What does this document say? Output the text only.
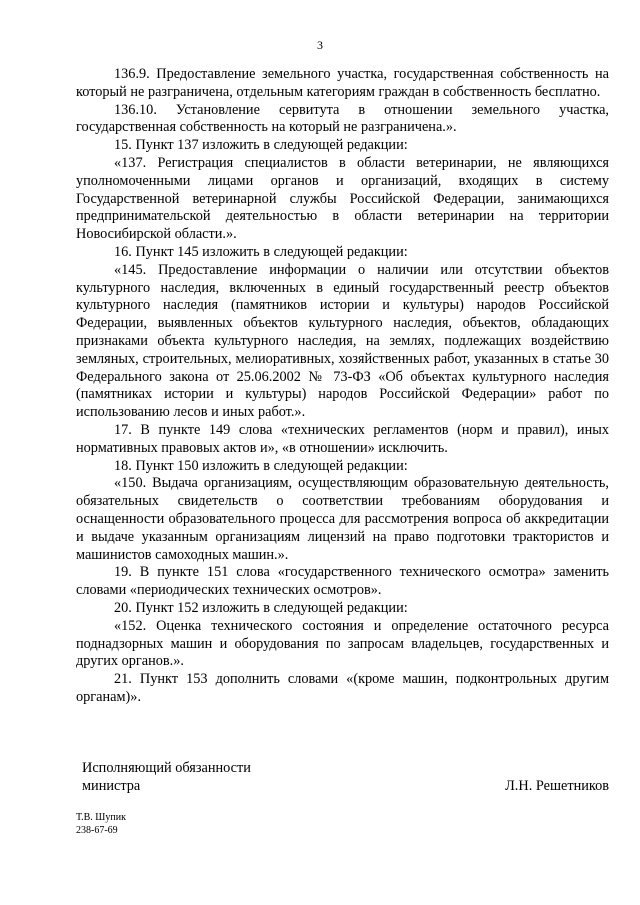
3

136.9. Предоставление земельного участка, государственная собственность на который не разграничена, отдельным категориям граждан в собственность бесплатно.

136.10. Установление сервитута в отношении земельного участка, государственная собственность на который не разграничена.».

15. Пункт 137 изложить в следующей редакции:

«137. Регистрация специалистов в области ветеринарии, не являющихся уполномоченными лицами органов и организаций, входящих в систему Государственной ветеринарной службы Российской Федерации, занимающихся предпринимательской деятельностью в области ветеринарии на территории Новосибирской области.».

16. Пункт 145 изложить в следующей редакции:

«145. Предоставление информации о наличии или отсутствии объектов культурного наследия, включенных в единый государственный реестр объектов культурного наследия (памятников истории и культуры) народов Российской Федерации, выявленных объектов культурного наследия, объектов, обладающих признаками объекта культурного наследия, на землях, подлежащих воздействию земляных, строительных, мелиоративных, хозяйственных работ, указанных в статье 30 Федерального закона от 25.06.2002 № 73-ФЗ «Об объектах культурного наследия (памятниках истории и культуры) народов Российской Федерации» работ по использованию лесов и иных работ.».

17. В пункте 149 слова «технических регламентов (норм и правил), иных нормативных правовых актов и», «в отношении» исключить.

18. Пункт 150 изложить в следующей редакции:

«150. Выдача организациям, осуществляющим образовательную деятельность, обязательных свидетельств о соответствии требованиям оборудования и оснащенности образовательного процесса для рассмотрения вопроса об аккредитации и выдаче указанным организациям лицензий на право подготовки трактористов и машинистов самоходных машин.».

19. В пункте 151 слова «государственного технического осмотра» заменить словами «периодических технических осмотров».

20. Пункт 152 изложить в следующей редакции:

«152. Оценка технического состояния и определение остаточного ресурса поднадзорных машин и оборудования по запросам владельцев, государственных и других органов.».

21. Пункт 153 дополнить словами «(кроме машин, подконтрольных другим органам)».

Исполняющий обязанности
министра	Л.Н. Решетников
Т.В. Шупик
238-67-69
